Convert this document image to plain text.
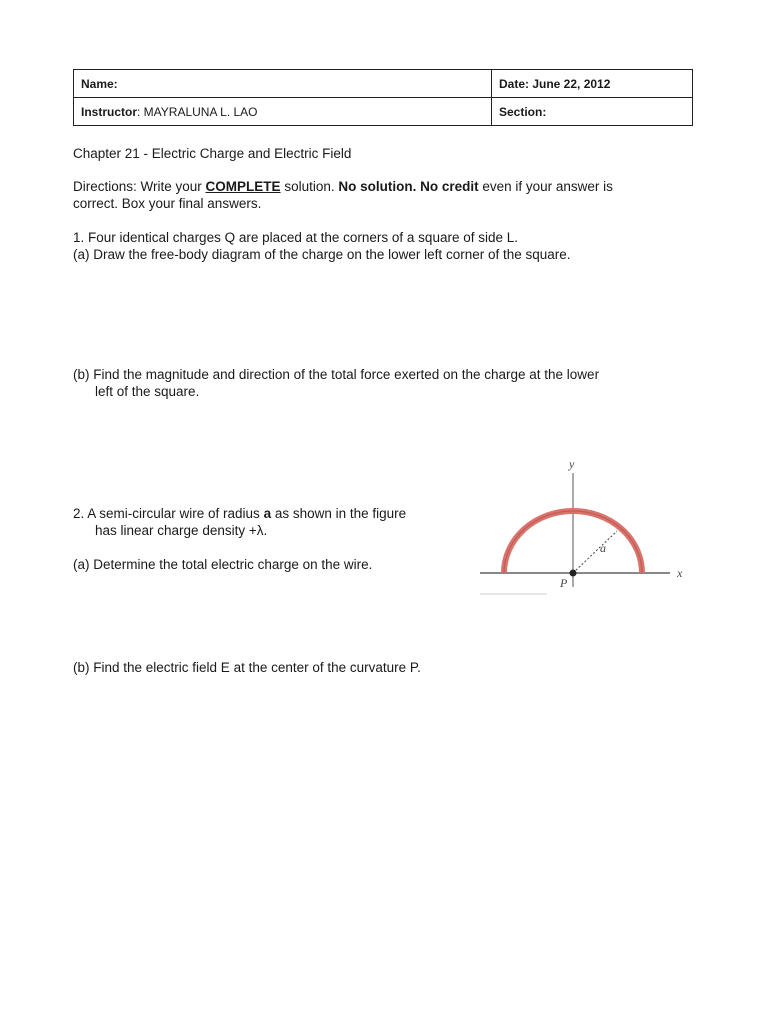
Name:	Date: June 22, 2012
Instructor: MAYRALUNA L. LAO	Section:

Chapter 21 - Electric Charge and Electric Field

Directions: Write your COMPLETE solution. No solution. No credit even if your answer is

correct. Box your final answers.

1. Four identical charges Q are placed at the corners of a square of side L.

(a) Draw the free-body diagram of the charge on the lower left corner of the square.

(b) Find the magnitude and direction of the total force exerted on the charge at the lower

left of the square.

2. A semi-circular wire of radius a as shown in the figure

has linear charge density +λ.

(a) Determine the total electric charge on the wire.

(b) Find the electric field E at the center of the curvature P.

y
x
a
P
